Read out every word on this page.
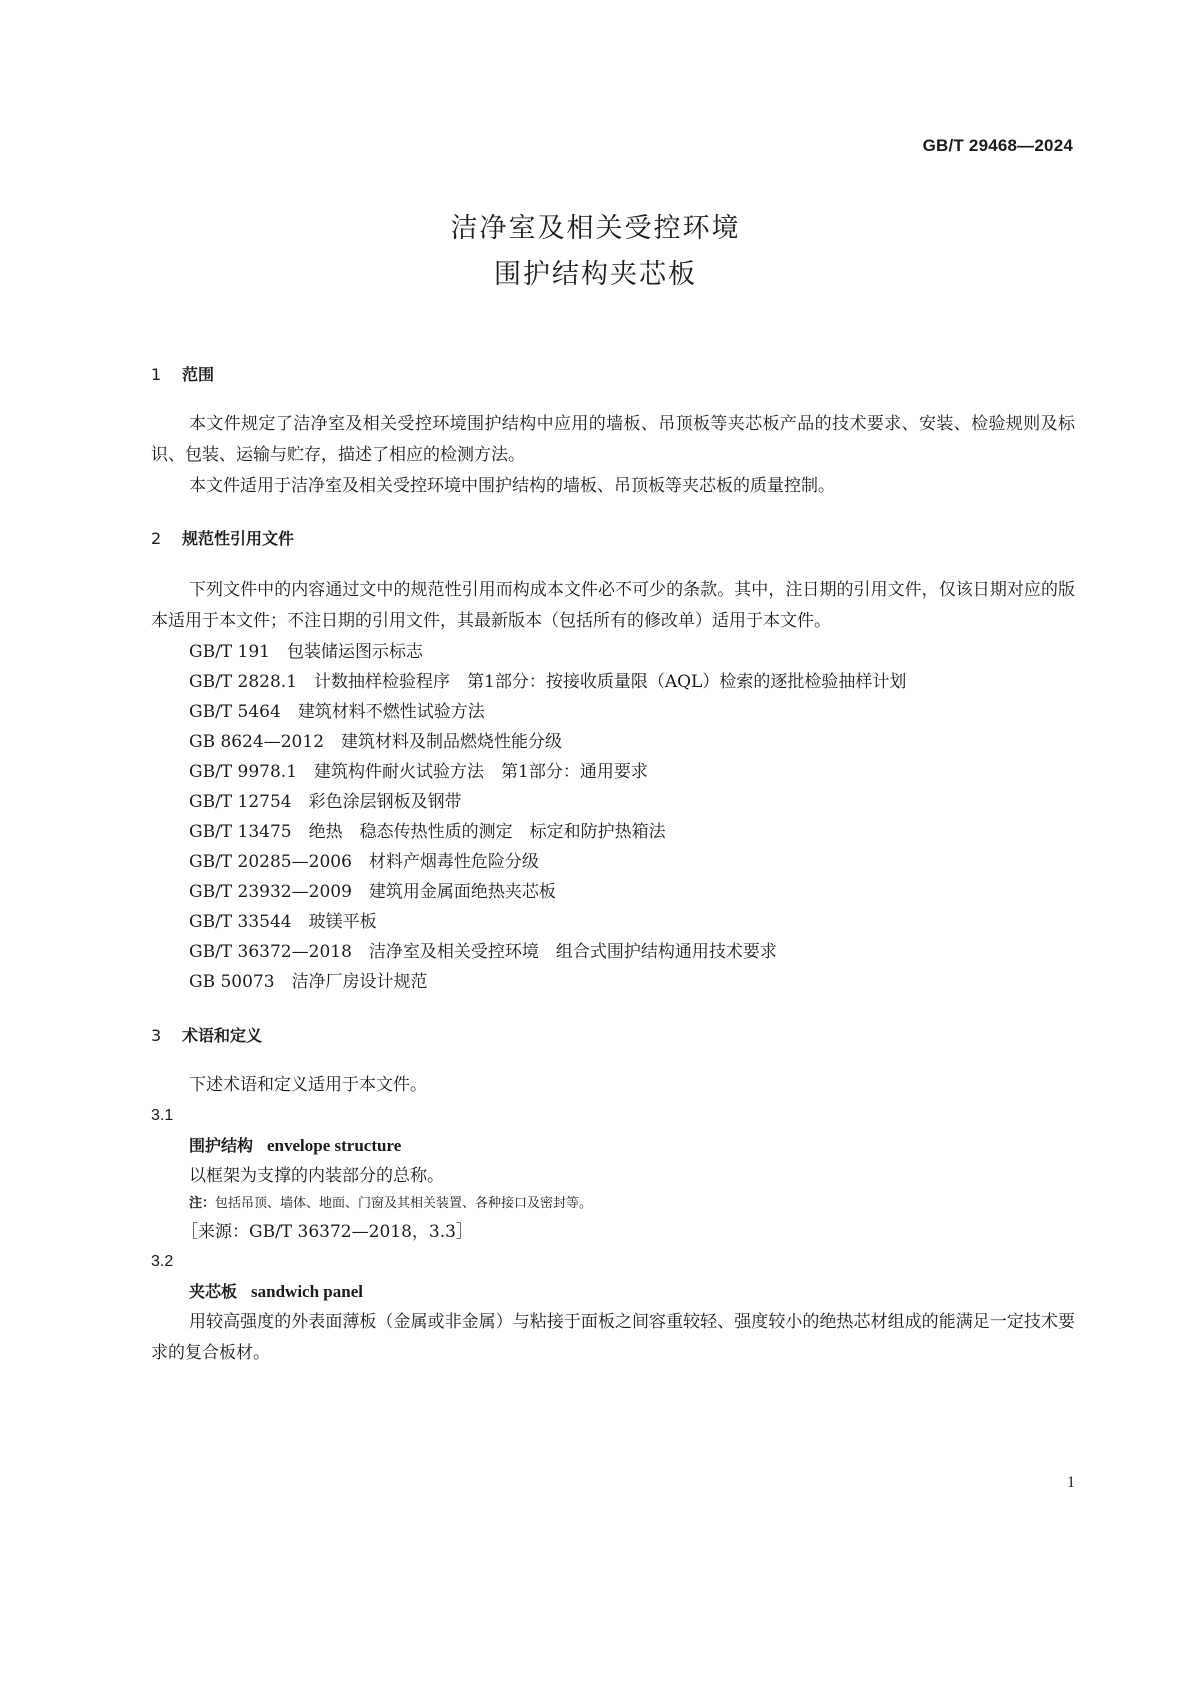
GB/T 29468—2024

洁净室及相关受控环境
围护结构夹芯板
1 范围

本文件规定了洁净室及相关受控环境围护结构中应用的墙板、吊顶板等夹芯板产品的技术要求、安装、检验规则及标识、包装、运输与贮存，描述了相应的检测方法。

本文件适用于洁净室及相关受控环境中围护结构的墙板、吊顶板等夹芯板的质量控制。

2 规范性引用文件

下列文件中的内容通过文中的规范性引用而构成本文件必不可少的条款。其中，注日期的引用文件，仅该日期对应的版本适用于本文件；不注日期的引用文件，其最新版本（包括所有的修改单）适用于本文件。

GB/T 191 包装储运图示标志

GB/T 2828.1 计数抽样检验程序 第1部分：按接收质量限（AQL）检索的逐批检验抽样计划

GB/T 5464 建筑材料不燃性试验方法

GB 8624—2012 建筑材料及制品燃烧性能分级

GB/T 9978.1 建筑构件耐火试验方法 第1部分：通用要求

GB/T 12754 彩色涂层钢板及钢带

GB/T 13475 绝热 稳态传热性质的测定 标定和防护热箱法

GB/T 20285—2006 材料产烟毒性危险分级

GB/T 23932—2009 建筑用金属面绝热夹芯板

GB/T 33544 玻镁平板

GB/T 36372—2018 洁净室及相关受控环境 组合式围护结构通用技术要求

GB 50073 洁净厂房设计规范

3 术语和定义

下述术语和定义适用于本文件。

3.1

围护结构 envelope structure

以框架为支撑的内装部分的总称。

注：包括吊顶、墙体、地面、门窗及其相关装置、各种接口及密封等。

［来源：GB/T 36372—2018，3.3］

3.2

夹芯板 sandwich panel

用较高强度的外表面薄板（金属或非金属）与粘接于面板之间容重较轻、强度较小的绝热芯材组成的能满足一定技术要求的复合板材。

1
